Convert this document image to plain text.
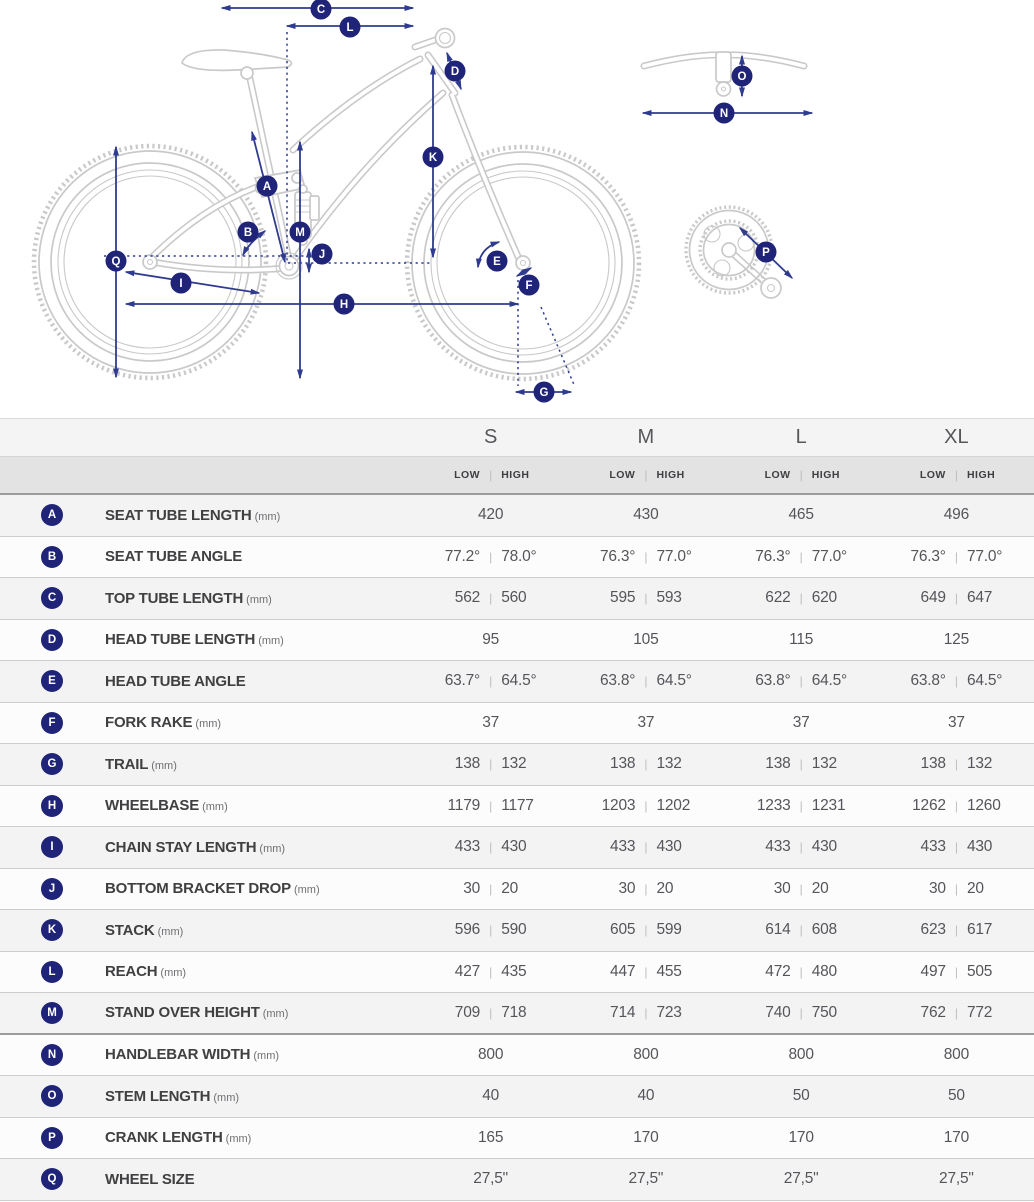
A
B
C
D
E
F
G
H
I
J
K
L
M
N
O
P
Q
S	M	L	XL
LOW | HIGH	LOW | HIGH	LOW | HIGH	LOW | HIGH
A	SEAT TUBE LENGTH (mm)	420	430	465	496
B	SEAT TUBE ANGLE	77.2° | 78.0°	76.3° | 77.0°	76.3° | 77.0°	76.3° | 77.0°
C	TOP TUBE LENGTH (mm)	562 | 560	595 | 593	622 | 620	649 | 647
D	HEAD TUBE LENGTH (mm)	95	105	115	125
E	HEAD TUBE ANGLE	63.7° | 64.5°	63.8° | 64.5°	63.8° | 64.5°	63.8° | 64.5°
F	FORK RAKE (mm)	37	37	37	37
G	TRAIL (mm)	138 | 132	138 | 132	138 | 132	138 | 132
H	WHEELBASE (mm)	1179 | 1177	1203 | 1202	1233 | 1231	1262 | 1260
I	CHAIN STAY LENGTH (mm)	433 | 430	433 | 430	433 | 430	433 | 430
J	BOTTOM BRACKET DROP (mm)	30 | 20	30 | 20	30 | 20	30 | 20
K	STACK (mm)	596 | 590	605 | 599	614 | 608	623 | 617
L	REACH (mm)	427 | 435	447 | 455	472 | 480	497 | 505
M	STAND OVER HEIGHT (mm)	709 | 718	714 | 723	740 | 750	762 | 772
N	HANDLEBAR WIDTH (mm)	800	800	800	800
O	STEM LENGTH (mm)	40	40	50	50
P	CRANK LENGTH (mm)	165	170	170	170
Q	WHEEL SIZE	27,5"	27,5"	27,5"	27,5"
